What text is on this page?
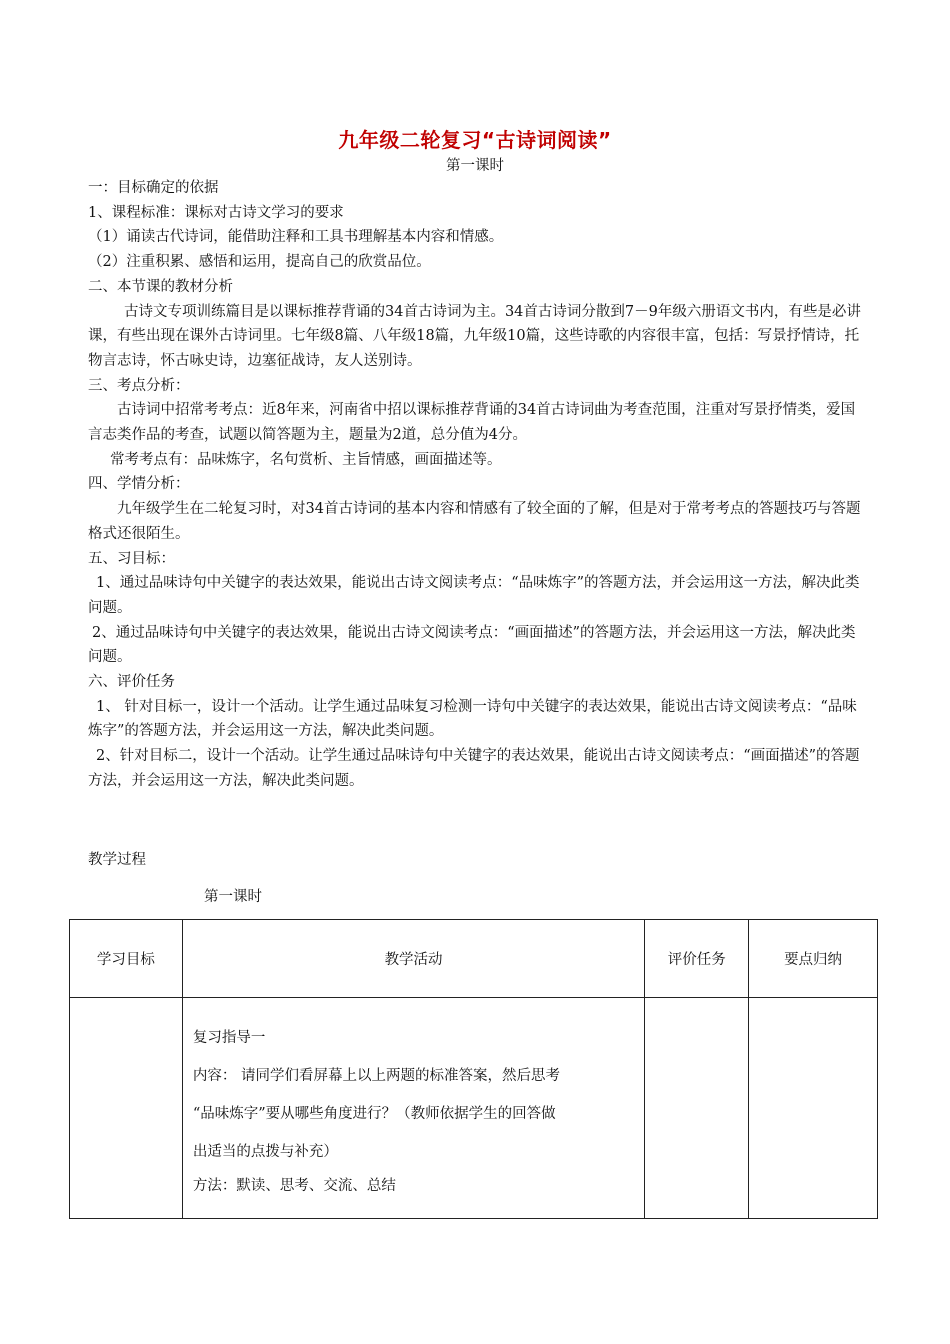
九年级二轮复习“古诗词阅读”
第一课时

一：目标确定的依据

1、课程标准：课标对古诗文学习的要求

（1）诵读古代诗词，能借助注释和工具书理解基本内容和情感。

（2）注重积累、感悟和运用，提高自己的欣赏品位。

二、本节课的教材分析

古诗文专项训练篇目是以课标推荐背诵的34首古诗词为主。34首古诗词分散到7－9年级六册语文书内，有些是必讲课，有些出现在课外古诗词里。七年级8篇、八年级18篇，九年级10篇，这些诗歌的内容很丰富，包括：写景抒情诗，托物言志诗，怀古咏史诗，边塞征战诗，友人送别诗。

三、考点分析：

古诗词中招常考考点：近8年来，河南省中招以课标推荐背诵的34首古诗词曲为考查范围，注重对写景抒情类，爱国言志类作品的考查，试题以简答题为主，题量为2道，总分值为4分。

常考考点有：品味炼字，名句赏析、主旨情感，画面描述等。

四、学情分析：

九年级学生在二轮复习时，对34首古诗词的基本内容和情感有了较全面的了解，但是对于常考考点的答题技巧与答题格式还很陌生。

五、习目标：

1、通过品味诗句中关键字的表达效果，能说出古诗文阅读考点：“品味炼字”的答题方法，并会运用这一方法，解决此类问题。

2、通过品味诗句中关键字的表达效果，能说出古诗文阅读考点：“画面描述”的答题方法，并会运用这一方法，解决此类问题。

六、评价任务

1、 针对目标一，设计一个活动。让学生通过品味复习检测一诗句中关键字的表达效果，能说出古诗文阅读考点：“品味炼字”的答题方法，并会运用这一方法，解决此类问题。

2、针对目标二，设计一个活动。让学生通过品味诗句中关键字的表达效果，能说出古诗文阅读考点：“画面描述”的答题方法，并会运用这一方法，解决此类问题。

教学过程
第一课时
学习目标	教学活动	评价任务	要点归纳

	复习指导一
内容： 请同学们看屏幕上以上两题的标准答案，然后思考
“品味炼字”要从哪些角度进行？（教师依据学生的回答做
出适当的点拨与补充）
方法：默读、思考、交流、总结		
